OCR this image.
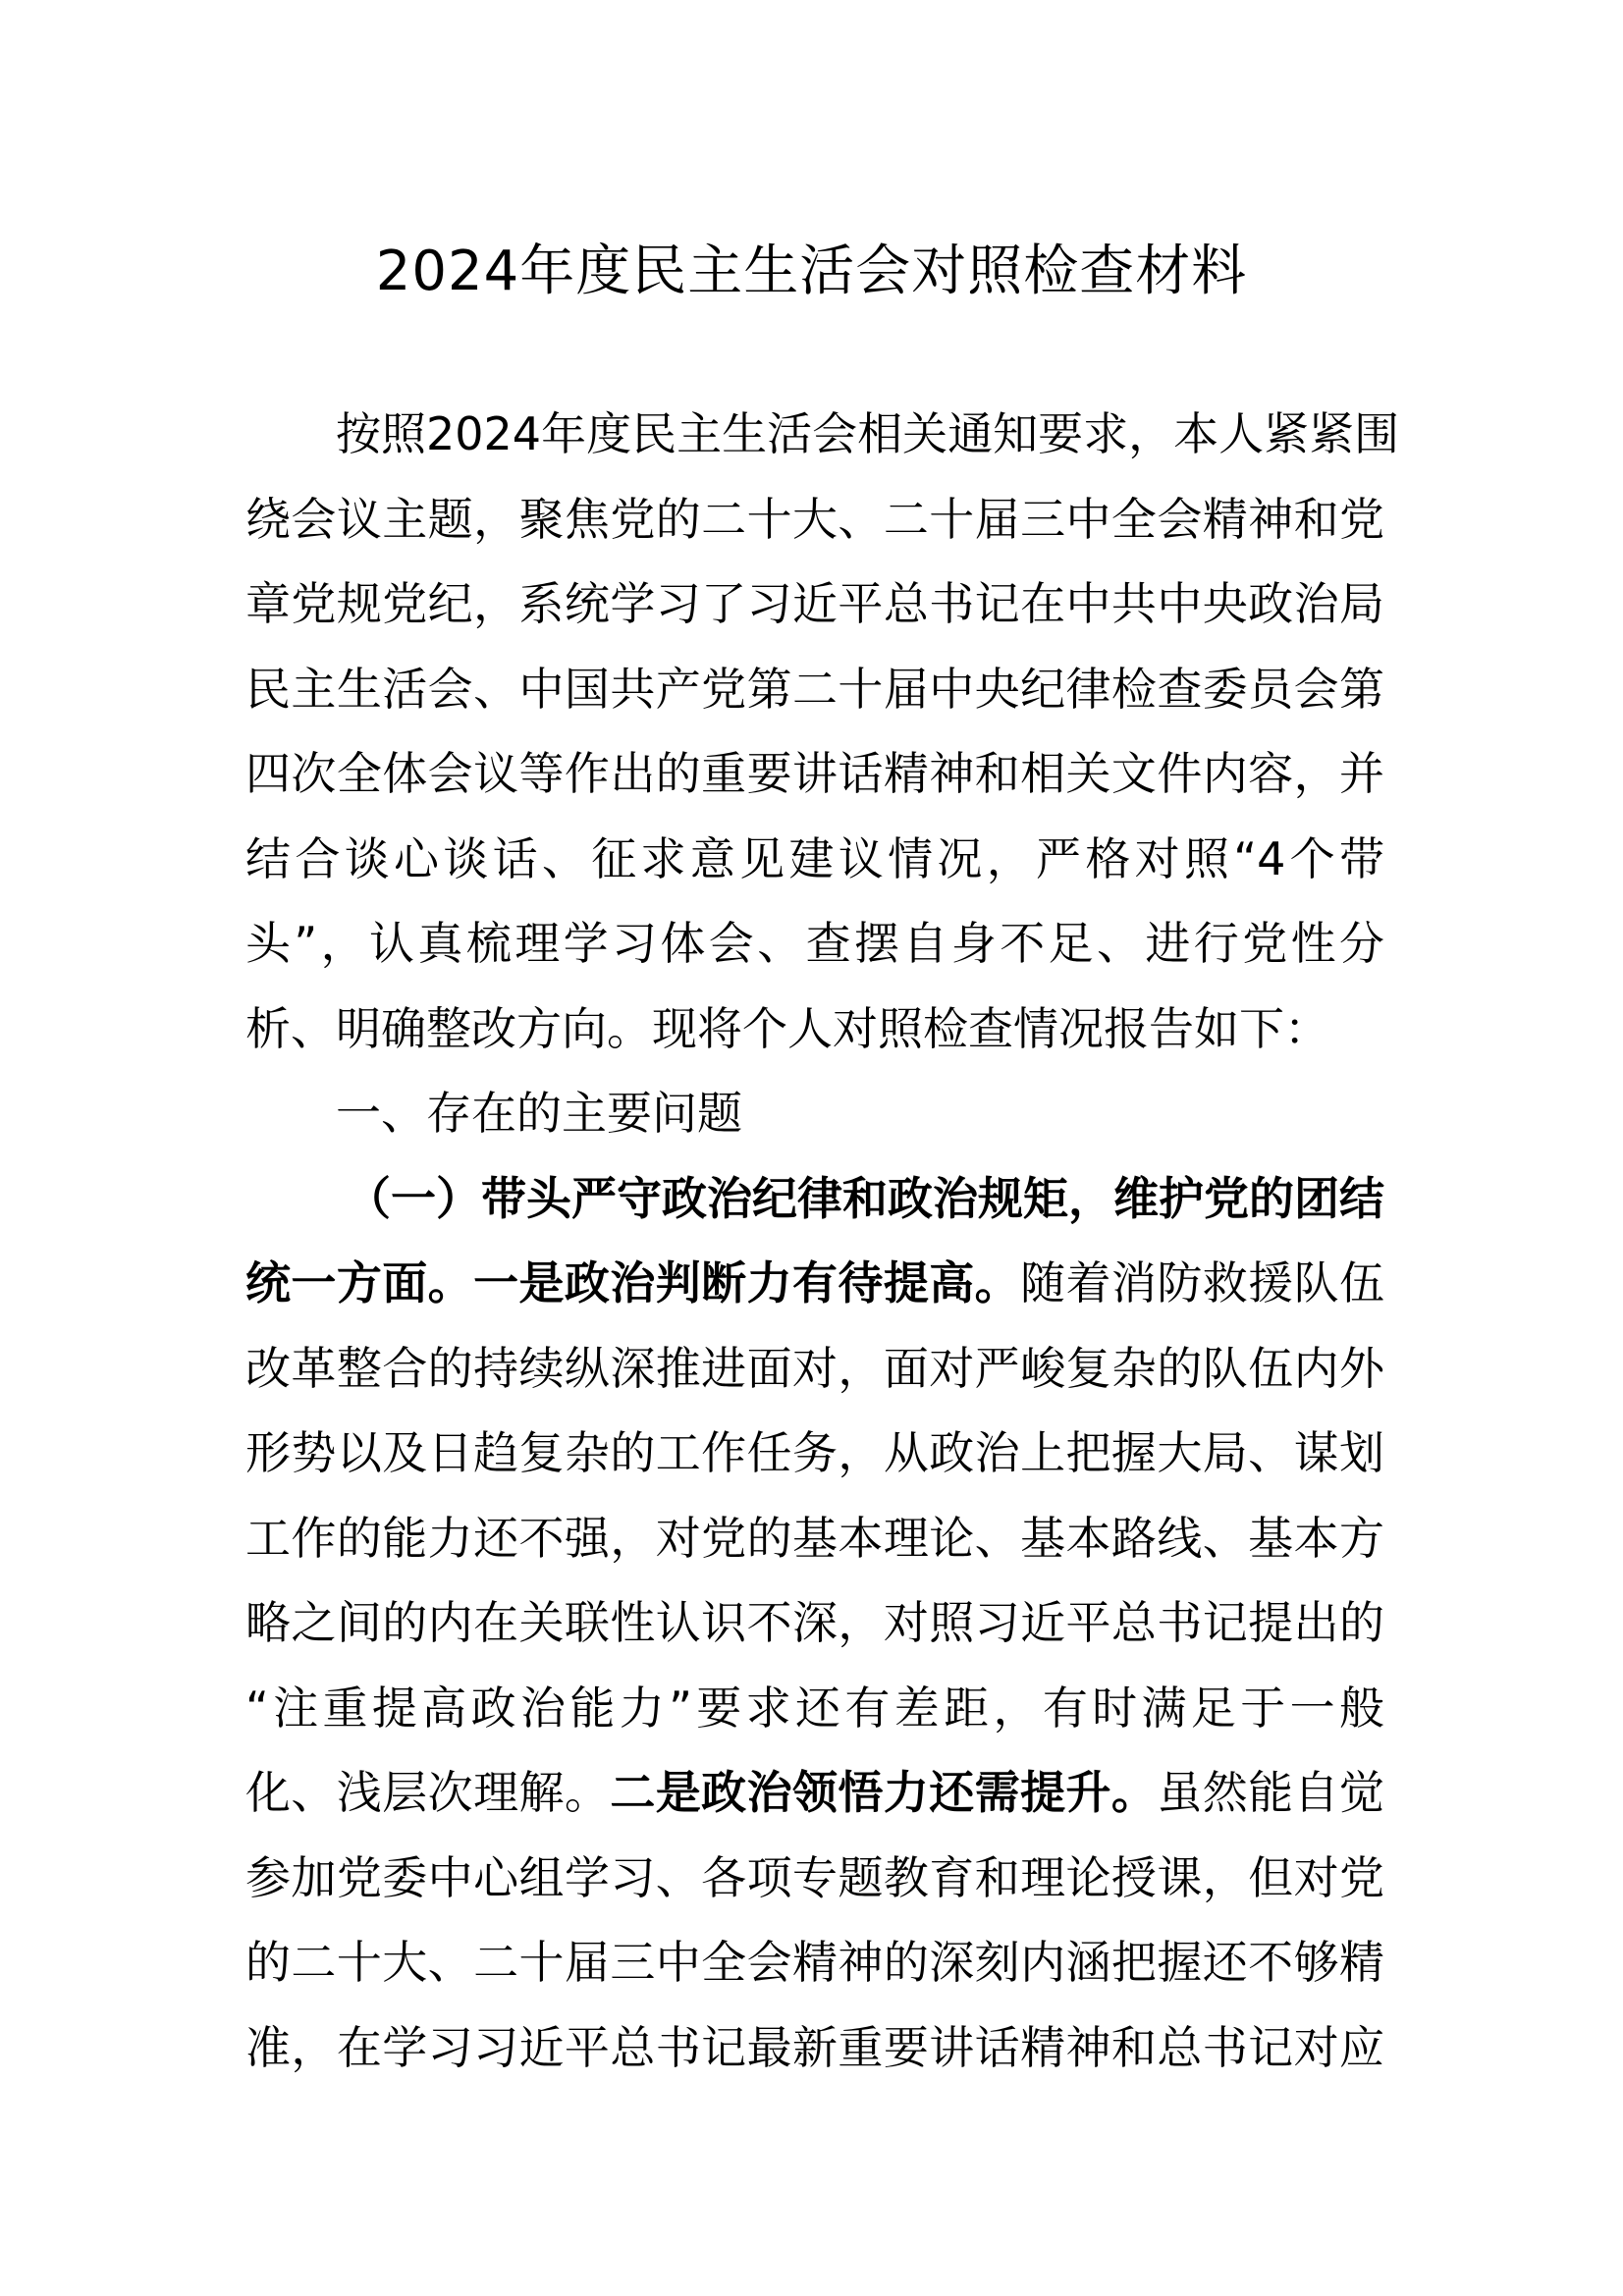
2024年度民主生活会对照检查材料
按照2024年度民主生活会相关通知要求，本人紧紧围
绕会议主题，聚焦党的二十大、二十届三中全会精神和党
章党规党纪，系统学习了习近平总书记在中共中央政治局
民主生活会、中国共产党第二十届中央纪律检查委员会第
四次全体会议等作出的重要讲话精神和相关文件内容，并
结合谈心谈话、征求意见建议情况，严格对照“4个带
头”，认真梳理学习体会、查摆自身不足、进行党性分
析、明确整改方向。现将个人对照检查情况报告如下：
一、存在的主要问题
（一）带头严守政治纪律和政治规矩，维护党的团结
统一方面。一是政治判断力有待提高。随着消防救援队伍
改革整合的持续纵深推进面对，面对严峻复杂的队伍内外
形势以及日趋复杂的工作任务，从政治上把握大局、谋划
工作的能力还不强，对党的基本理论、基本路线、基本方
略之间的内在关联性认识不深，对照习近平总书记提出的
“注重提高政治能力”要求还有差距，有时满足于一般
化、浅层次理解。二是政治领悟力还需提升。虽然能自觉
参加党委中心组学习、各项专题教育和理论授课，但对党
的二十大、二十届三中全会精神的深刻内涵把握还不够精
准，在学习习近平总书记最新重要讲话精神和总书记对应
